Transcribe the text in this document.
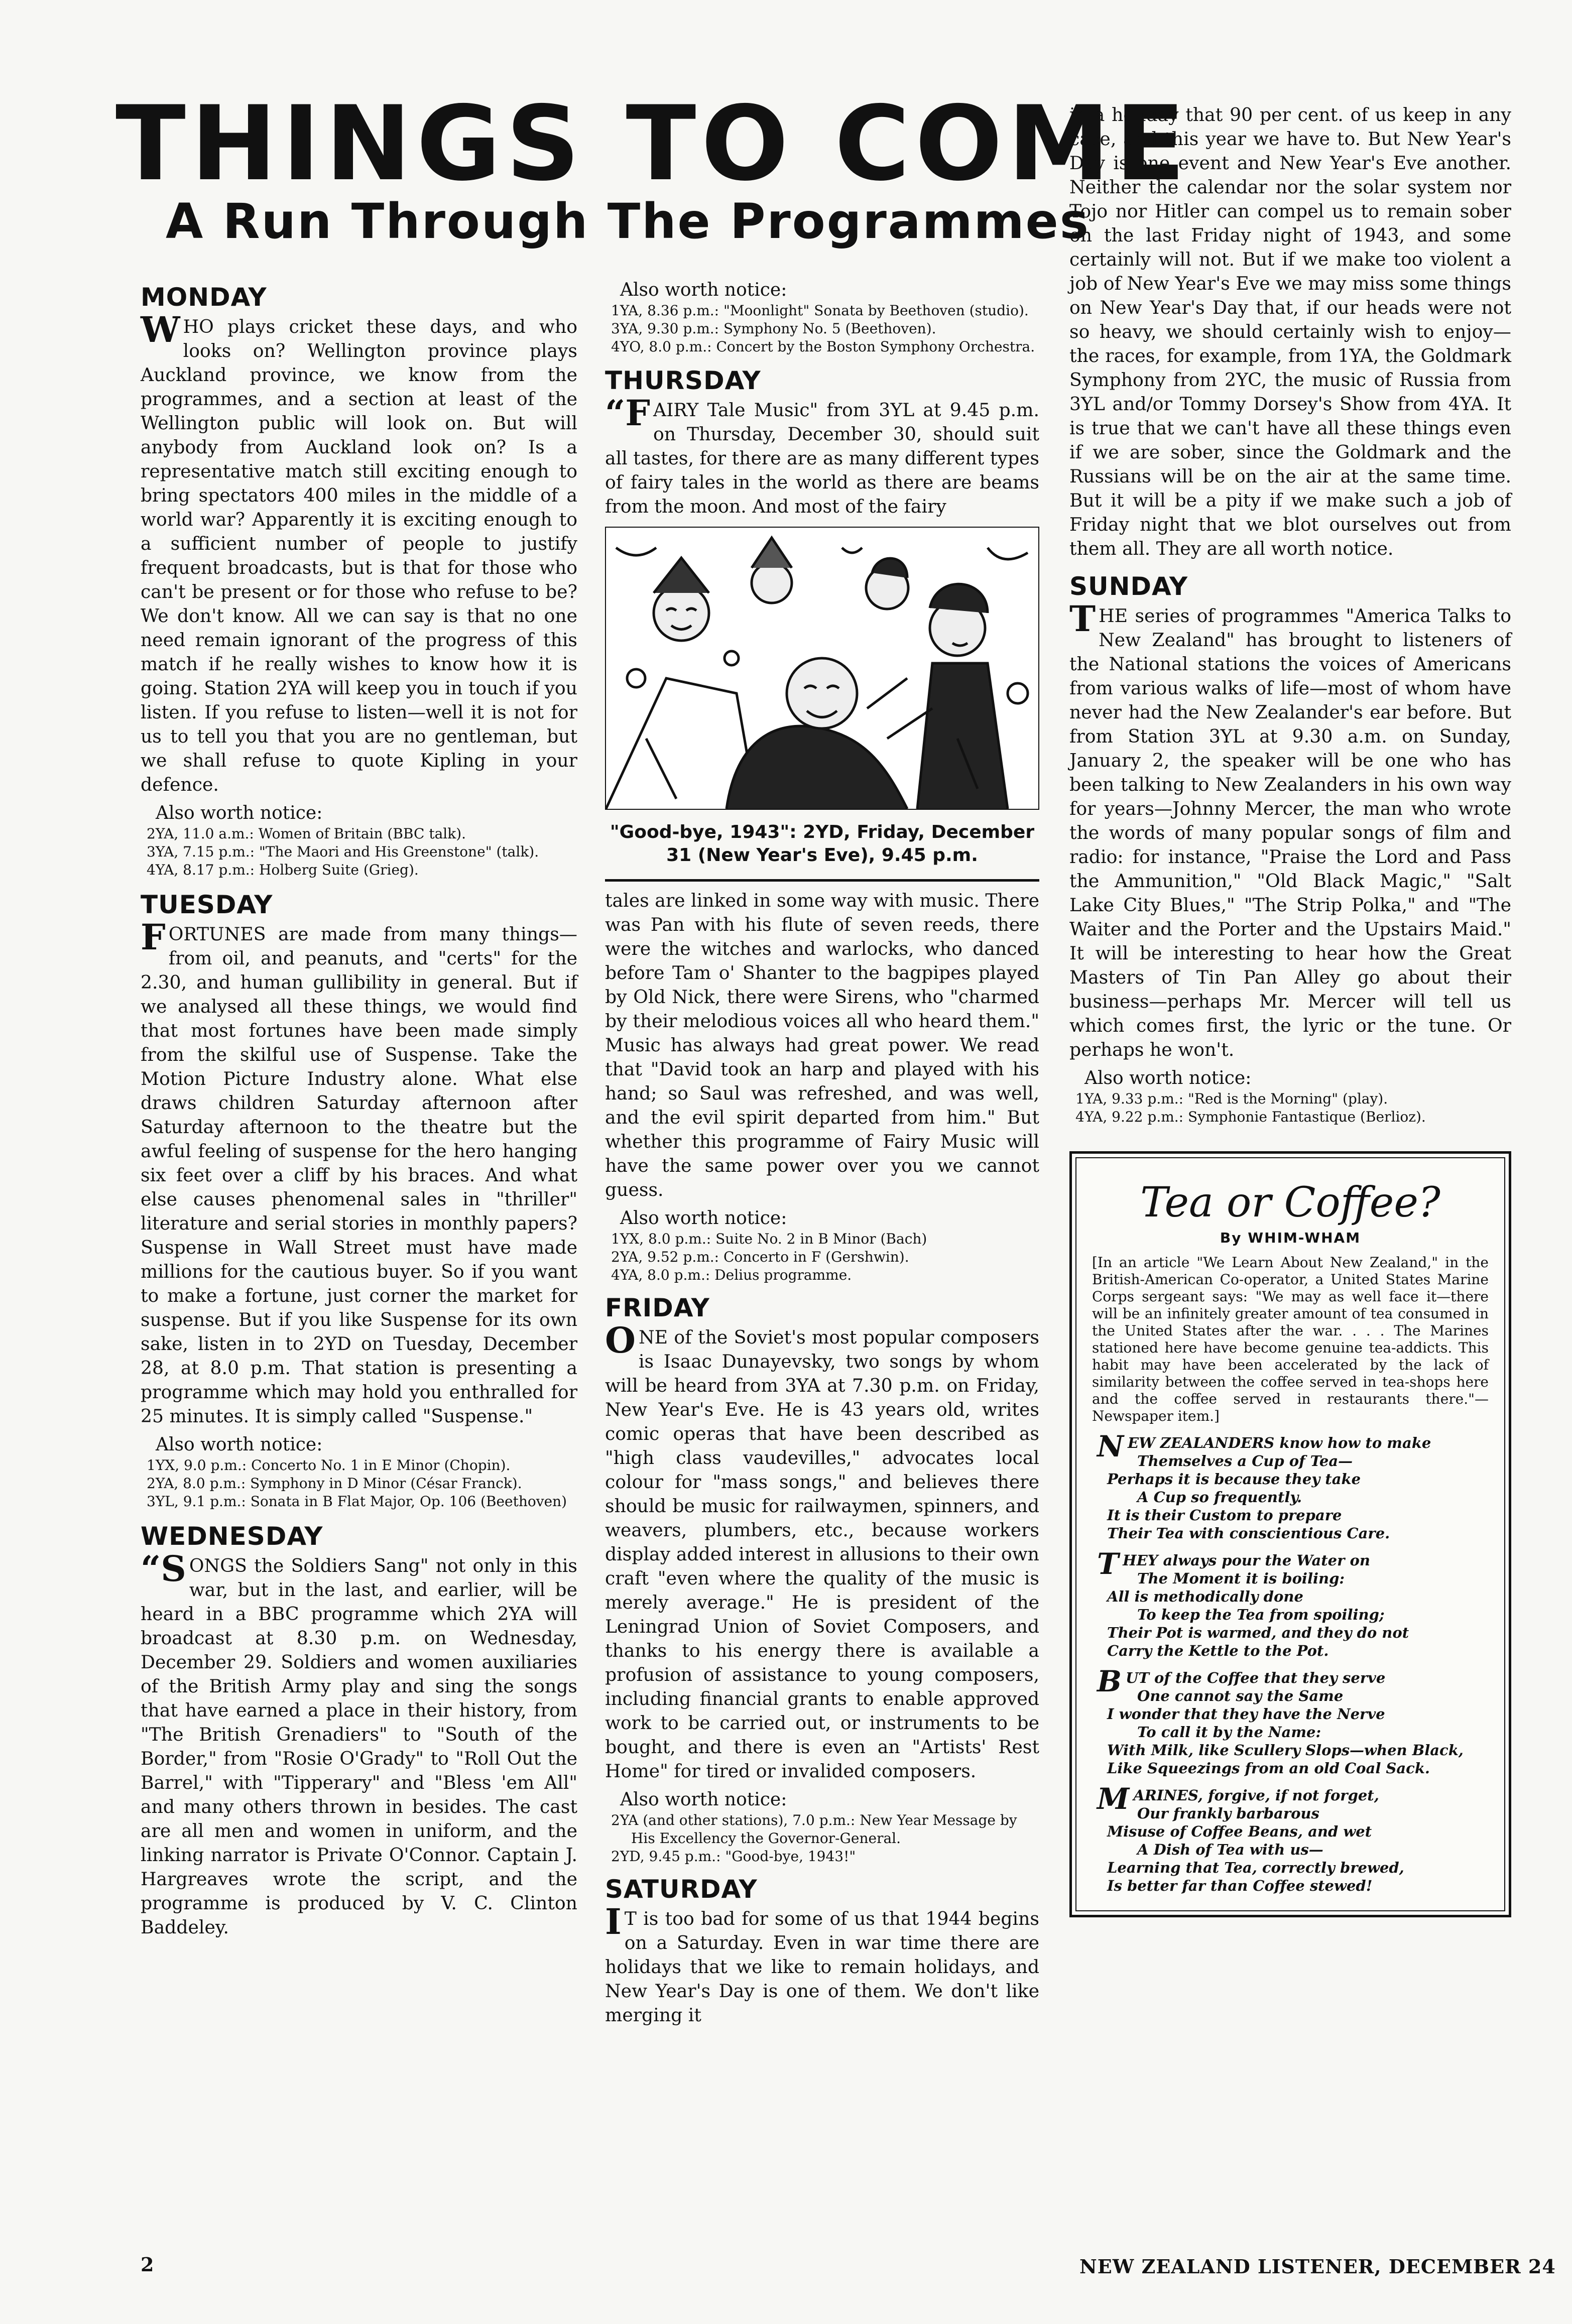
THINGS TO COME
A Run Through The Programmes
MONDAY

WHO plays cricket these days, and who looks on? Wellington province plays Auckland province, we know from the programmes, and a section at least of the Wellington public will look on. But will anybody from Auckland look on? Is a representative match still exciting enough to bring spectators 400 miles in the middle of a world war? Apparently it is exciting enough to a sufficient number of people to justify frequent broadcasts, but is that for those who can't be present or for those who refuse to be? We don't know. All we can say is that no one need remain ignorant of the progress of this match if he really wishes to know how it is going. Station 2YA will keep you in touch if you listen. If you refuse to listen—well it is not for us to tell you that you are no gentleman, but we shall refuse to quote Kipling in your defence.

Also worth notice:
2YA, 11.0 a.m.: Women of Britain (BBC talk).
3YA, 7.15 p.m.: "The Maori and His Greenstone" (talk).
4YA, 8.17 p.m.: Holberg Suite (Grieg).
TUESDAY

FORTUNES are made from many things—from oil, and peanuts, and "certs" for the 2.30, and human gullibility in general. But if we analysed all these things, we would find that most fortunes have been made simply from the skilful use of Suspense. Take the Motion Picture Industry alone. What else draws children Saturday afternoon after Saturday afternoon to the theatre but the awful feeling of suspense for the hero hanging six feet over a cliff by his braces. And what else causes phenomenal sales in "thriller" literature and serial stories in monthly papers? Suspense in Wall Street must have made millions for the cautious buyer. So if you want to make a fortune, just corner the market for suspense. But if you like Suspense for its own sake, listen in to 2YD on Tuesday, December 28, at 8.0 p.m. That station is presenting a programme which may hold you enthralled for 25 minutes. It is simply called "Suspense."

Also worth notice:
1YX, 9.0 p.m.: Concerto No. 1 in E Minor (Chopin).
2YA, 8.0 p.m.: Symphony in D Minor (César Franck).
3YL, 9.1 p.m.: Sonata in B Flat Major, Op. 106 (Beethoven)
WEDNESDAY

“SONGS the Soldiers Sang" not only in this war, but in the last, and earlier, will be heard in a BBC programme which 2YA will broadcast at 8.30 p.m. on Wednesday, December 29. Soldiers and women auxiliaries of the British Army play and sing the songs that have earned a place in their history, from "The British Grenadiers" to "South of the Border," from "Rosie O'Grady" to "Roll Out the Barrel," with "Tipperary" and "Bless 'em All" and many others thrown in besides. The cast are all men and women in uniform, and the linking narrator is Private O'Connor. Captain J. Hargreaves wrote the script, and the programme is produced by V. C. Clinton Baddeley.

Also worth notice:
1YA, 8.36 p.m.: "Moonlight" Sonata by Beethoven (studio).
3YA, 9.30 p.m.: Symphony No. 5 (Beethoven).
4YO, 8.0 p.m.: Concert by the Boston Symphony Orchestra.
THURSDAY

“FAIRY Tale Music" from 3YL at 9.45 p.m. on Thursday, December 30, should suit all tastes, for there are as many different types of fairy tales in the world as there are beams from the moon. And most of the fairy

"Good-bye, 1943": 2YD, Friday, December 31 (New Year's Eve), 9.45 p.m.

tales are linked in some way with music. There was Pan with his flute of seven reeds, there were the witches and warlocks, who danced before Tam o' Shanter to the bagpipes played by Old Nick, there were Sirens, who "charmed by their melodious voices all who heard them." Music has always had great power. We read that "David took an harp and played with his hand; so Saul was refreshed, and was well, and the evil spirit departed from him." But whether this programme of Fairy Music will have the same power over you we cannot guess.

Also worth notice:
1YX, 8.0 p.m.: Suite No. 2 in B Minor (Bach)
2YA, 9.52 p.m.: Concerto in F (Gershwin).
4YA, 8.0 p.m.: Delius programme.
FRIDAY

ONE of the Soviet's most popular composers is Isaac Dunayevsky, two songs by whom will be heard from 3YA at 7.30 p.m. on Friday, New Year's Eve. He is 43 years old, writes comic operas that have been described as "high class vaudevilles," advocates local colour for "mass songs," and believes there should be music for railwaymen, spinners, and weavers, plumbers, etc., because workers display added interest in allusions to their own craft "even where the quality of the music is merely average." He is president of the Leningrad Union of Soviet Composers, and thanks to his energy there is available a profusion of assistance to young composers, including financial grants to enable approved work to be carried out, or instruments to be bought, and there is even an "Artists' Rest Home" for tired or invalided composers.

Also worth notice:
2YA (and other stations), 7.0 p.m.: New Year Message by His Excellency the Governor-General.
2YD, 9.45 p.m.: "Good-bye, 1943!"
SATURDAY

I T is too bad for some of us that 1944 begins on a Saturday. Even in war time there are holidays that we like to remain holidays, and New Year's Day is one of them. We don't like merging it

in a holiday that 90 per cent. of us keep in any case, and this year we have to. But New Year's Day is one event and New Year's Eve another. Neither the calendar nor the solar system nor Tojo nor Hitler can compel us to remain sober on the last Friday night of 1943, and some certainly will not. But if we make too violent a job of New Year's Eve we may miss some things on New Year's Day that, if our heads were not so heavy, we should certainly wish to enjoy—the races, for example, from 1YA, the Goldmark Symphony from 2YC, the music of Russia from 3YL and/or Tommy Dorsey's Show from 4YA. It is true that we can't have all these things even if we are sober, since the Goldmark and the Russians will be on the air at the same time. But it will be a pity if we make such a job of Friday night that we blot ourselves out from them all. They are all worth notice.

SUNDAY

THE series of programmes "America Talks to New Zealand" has brought to listeners of the National stations the voices of Americans from various walks of life—most of whom have never had the New Zealander's ear before. But from Station 3YL at 9.30 a.m. on Sunday, January 2, the speaker will be one who has been talking to New Zealanders in his own way for years—Johnny Mercer, the man who wrote the words of many popular songs of film and radio: for instance, "Praise the Lord and Pass the Ammunition," "Old Black Magic," "Salt Lake City Blues," "The Strip Polka," and "The Waiter and the Porter and the Upstairs Maid." It will be interesting to hear how the Great Masters of Tin Pan Alley go about their business—perhaps Mr. Mercer will tell us which comes first, the lyric or the tune. Or perhaps he won't.

Also worth notice:
1YA, 9.33 p.m.: "Red is the Morning" (play).
4YA, 9.22 p.m.: Symphonie Fantastique (Berlioz).
Tea or Coffee?
By WHIM-WHAM
[In an article "We Learn About New Zealand," in the British-American Co-operator, a United States Marine Corps sergeant says: "We may as well face it—there will be an infinitely greater amount of tea consumed in the United States after the war. . . . The Marines stationed here have become genuine tea-addicts. This habit may have been accelerated by the lack of similarity between the coffee served in tea-shops here and the coffee served in restaurants there."— Newspaper item.]
N EW ZEALANDERS know how to make
Themselves a Cup of Tea—
Perhaps it is because they take
A Cup so frequently.
It is their Custom to prepare
Their Tea with conscientious Care.
T HEY always pour the Water on
The Moment it is boiling:
All is methodically done
To keep the Tea from spoiling;
Their Pot is warmed, and they do not
Carry the Kettle to the Pot.
B UT of the Coffee that they serve
One cannot say the Same
I wonder that they have the Nerve
To call it by the Name:
With Milk, like Scullery Slops—when Black,
Like Squeezings from an old Coal Sack.
M ARINES, forgive, if not forget,
Our frankly barbarous
Misuse of Coffee Beans, and wet
A Dish of Tea with us—
Learning that Tea, correctly brewed,
Is better far than Coffee stewed!
2	NEW ZEALAND LISTENER, DECEMBER 24
